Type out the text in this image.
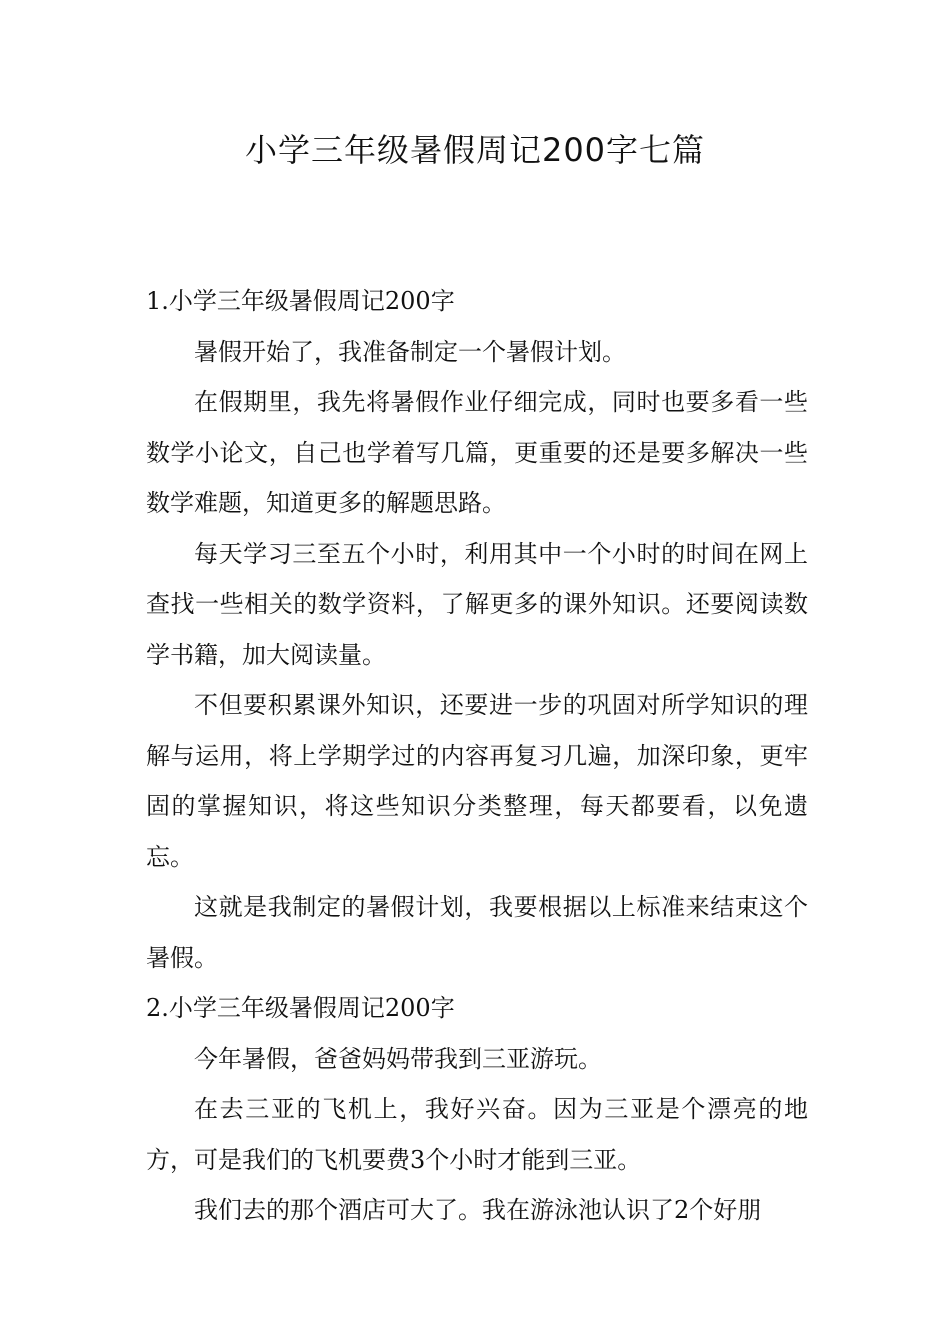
小学三年级暑假周记200字七篇

1.小学三年级暑假周记200字

暑假开始了，我准备制定一个暑假计划。

在假期里，我先将暑假作业仔细完成，同时也要多看一些数学小论文，自己也学着写几篇，更重要的还是要多解决一些数学难题，知道更多的解题思路。

每天学习三至五个小时，利用其中一个小时的时间在网上查找一些相关的数学资料，了解更多的课外知识。还要阅读数学书籍，加大阅读量。

不但要积累课外知识，还要进一步的巩固对所学知识的理解与运用，将上学期学过的内容再复习几遍，加深印象，更牢固的掌握知识，将这些知识分类整理，每天都要看，以免遗忘。

这就是我制定的暑假计划，我要根据以上标准来结束这个暑假。

2.小学三年级暑假周记200字

今年暑假，爸爸妈妈带我到三亚游玩。

在去三亚的飞机上，我好兴奋。因为三亚是个漂亮的地方，可是我们的飞机要费3个小时才能到三亚。

我们去的那个酒店可大了。我在游泳池认识了2个好朋
